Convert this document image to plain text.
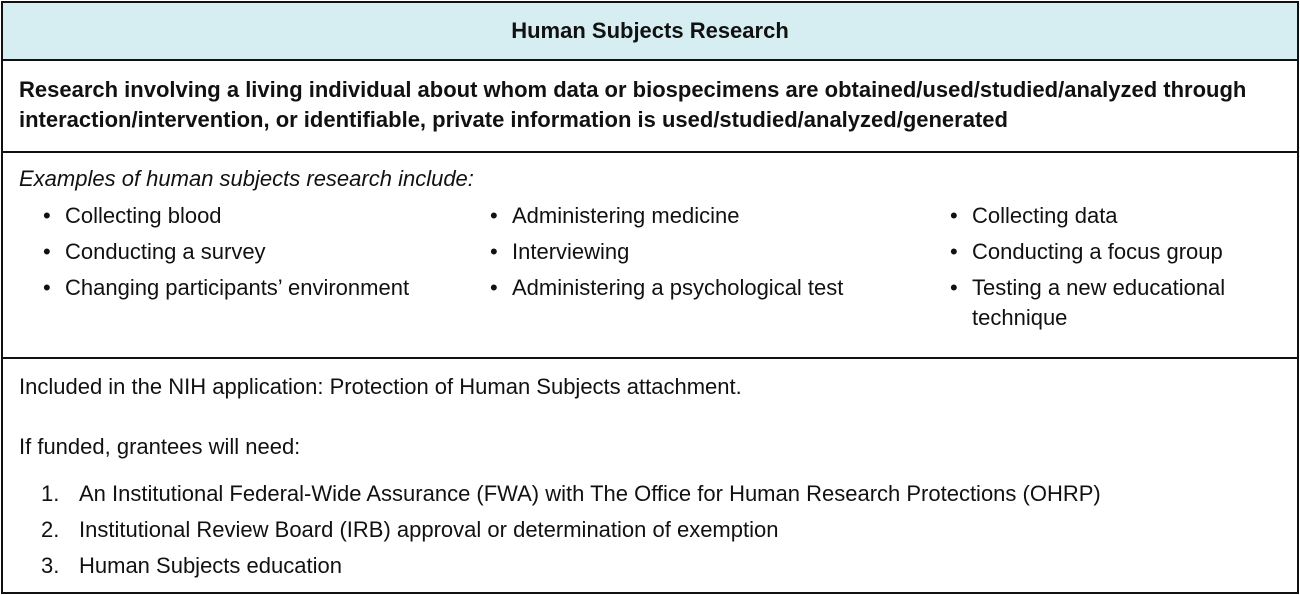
Human Subjects Research

Research involving a living individual about whom data or biospecimens are obtained/used/studied/analyzed through interaction/intervention, or identifiable, private information is used/studied/analyzed/generated

Examples of human subjects research include:

• Collecting blood
• Conducting a survey
• Changing participants’ environment
• Administering medicine
• Interviewing
• Administering a psychological test
• Collecting data
• Conducting a focus group
• Testing a new educational technique

Included in the NIH application: Protection of Human Subjects attachment.

If funded, grantees will need:

1. An Institutional Federal-Wide Assurance (FWA) with The Office for Human Research Protections (OHRP)
2. Institutional Review Board (IRB) approval or determination of exemption
3. Human Subjects education
